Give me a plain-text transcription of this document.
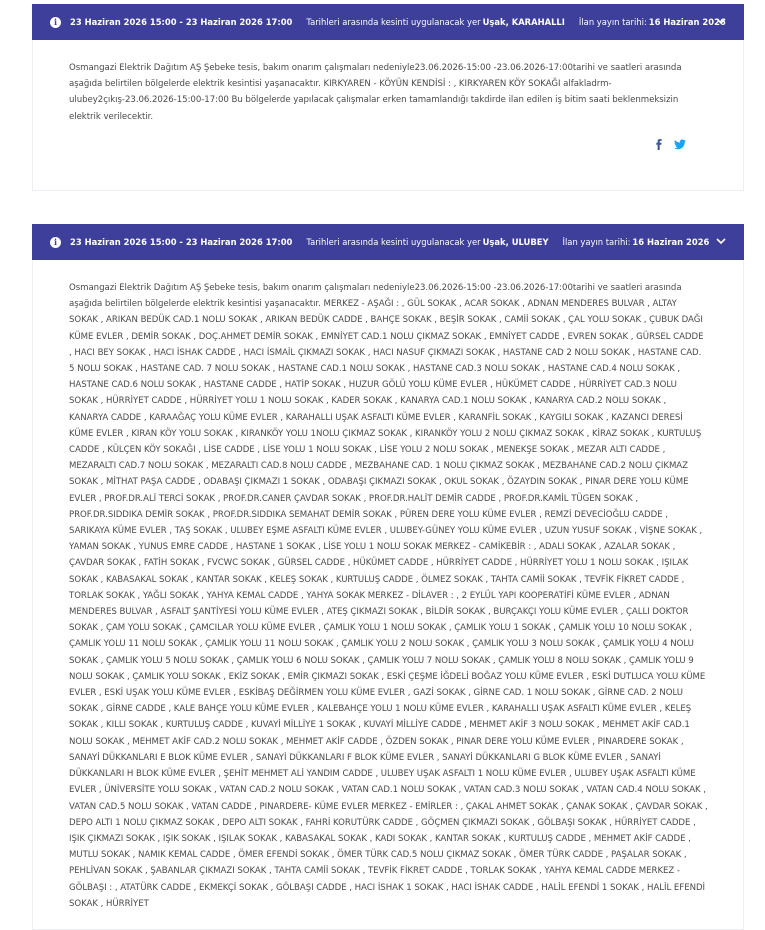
i	23 Haziran 2026 15:00 - 23 Haziran 2026 17:00 Tarihleri arasında kesinti uygulanacak yer Uşak, KARAHALLI İlan yayın tarihi: 16 Haziran 2026

Osmangazi Elektrik Dağıtım AŞ Şebeke tesis, bakım onarım çalışmaları nedeniyle23.06.2026-15:00 -23.06.2026-17:00tarihi ve saatleri arasında aşağıda belirtilen bölgelerde elektrik kesintisi yaşanacaktır. KIRKYAREN - KÖYÜN KENDİSİ : , KIRKYAREN KÖY SOKAĞI alfakladrm-ulubey2çıkış-23.06.2026-15:00-17:00 Bu bölgelerde yapılacak çalışmalar erken tamamlandığı takdirde ilan edilen iş bitim saati beklenmeksizin elektrik verilecektir.

i	23 Haziran 2026 15:00 - 23 Haziran 2026 17:00 Tarihleri arasında kesinti uygulanacak yer Uşak, ULUBEY İlan yayın tarihi: 16 Haziran 2026

Osmangazi Elektrik Dağıtım AŞ Şebeke tesis, bakım onarım çalışmaları nedeniyle23.06.2026-15:00 -23.06.2026-17:00tarihi ve saatleri arasında aşağıda belirtilen bölgelerde elektrik kesintisi yaşanacaktır. MERKEZ - AŞAĞI : , GÜL SOKAK , ACAR SOKAK , ADNAN MENDERES BULVAR , ALTAY SOKAK , ARIKAN BEDÜK CAD.1 NOLU SOKAK , ARIKAN BEDÜK CADDE , BAHÇE SOKAK , BEŞİR SOKAK , CAMİİ SOKAK , ÇAL YOLU SOKAK , ÇUBUK DAĞI KÜME EVLER , DEMİR SOKAK , DOÇ.AHMET DEMİR SOKAK , EMNİYET CAD.1 NOLU ÇIKMAZ SOKAK , EMNİYET CADDE , EVREN SOKAK , GÜRSEL CADDE , HACI BEY SOKAK , HACI İSHAK CADDE , HACI İSMAİL ÇIKMAZI SOKAK , HACI NASUF ÇIKMAZI SOKAK , HASTANE CAD 2 NOLU SOKAK , HASTANE CAD. 5 NOLU SOKAK , HASTANE CAD. 7 NOLU SOKAK , HASTANE CAD.1 NOLU SOKAK , HASTANE CAD.3 NOLU SOKAK , HASTANE CAD.4 NOLU SOKAK , HASTANE CAD.6 NOLU SOKAK , HASTANE CADDE , HATİP SOKAK , HUZUR GÖLÜ YOLU KÜME EVLER , HÜKÜMET CADDE , HÜRRİYET CAD.3 NOLU SOKAK , HÜRRİYET CADDE , HÜRRİYET YOLU 1 NOLU SOKAK , KADER SOKAK , KANARYA CAD.1 NOLU SOKAK , KANARYA CAD.2 NOLU SOKAK , KANARYA CADDE , KARAAĞAÇ YOLU KÜME EVLER , KARAHALLI UŞAK ASFALTI KÜME EVLER , KARANFİL SOKAK , KAYGILI SOKAK , KAZANCI DERESİ KÜME EVLER , KIRAN KÖY YOLU SOKAK , KIRANKÖY YOLU 1NOLU ÇIKMAZ SOKAK , KIRANKÖY YOLU 2 NOLU ÇIKMAZ SOKAK , KİRAZ SOKAK , KURTULUŞ CADDE , KÜLÇEN KÖY SOKAĞI , LİSE CADDE , LİSE YOLU 1 NOLU SOKAK , LİSE YOLU 2 NOLU SOKAK , MENEKŞE SOKAK , MEZAR ALTI CADDE , MEZARALTI CAD.7 NOLU SOKAK , MEZARALTI CAD.8 NOLU CADDE , MEZBAHANE CAD. 1 NOLU ÇIKMAZ SOKAK , MEZBAHANE CAD.2 NOLU ÇIKMAZ SOKAK , MİTHAT PAŞA CADDE , ODABAŞI ÇIKMAZI 1 SOKAK , ODABAŞI ÇIKMAZI SOKAK , OKUL SOKAK , ÖZAYDIN SOKAK , PINAR DERE YOLU KÜME EVLER , PROF.DR.ALİ TERCİ SOKAK , PROF.DR.CANER ÇAVDAR SOKAK , PROF.DR.HALİT DEMİR CADDE , PROF.DR.KAMİL TÜGEN SOKAK , PROF.DR.SIDDIKA DEMİR SOKAK , PROF.DR.SIDDIKA SEMAHAT DEMİR SOKAK , PÜREN DERE YOLU KÜME EVLER , REMZİ DEVECİOĞLU CADDE , SARIKAYA KÜME EVLER , TAŞ SOKAK , ULUBEY EŞME ASFALTI KÜME EVLER , ULUBEY-GÜNEY YOLU KÜME EVLER , UZUN YUSUF SOKAK , VİŞNE SOKAK , YAMAN SOKAK , YUNUS EMRE CADDE , HASTANE 1 SOKAK , LİSE YOLU 1 NOLU SOKAK MERKEZ - CAMİKEBİR : , ADALI SOKAK , AZALAR SOKAK , ÇAVDAR SOKAK , FATİH SOKAK , FVCWC SOKAK , GÜRSEL CADDE , HÜKÜMET CADDE , HÜRRİYET CADDE , HÜRRİYET YOLU 1 NOLU SOKAK , IŞILAK SOKAK , KABASAKAL SOKAK , KANTAR SOKAK , KELEŞ SOKAK , KURTULUŞ CADDE , ÖLMEZ SOKAK , TAHTA CAMİİ SOKAK , TEVFİK FİKRET CADDE , TORLAK SOKAK , YAĞLI SOKAK , YAHYA KEMAL CADDE , YAHYA SOKAK MERKEZ - DİLAVER : , 2 EYLÜL YAPI KOOPERATİFİ KÜME EVLER , ADNAN MENDERES BULVAR , ASFALT ŞANTİYESİ YOLU KÜME EVLER , ATEŞ ÇIKMAZI SOKAK , BİLDİR SOKAK , BURÇAKÇI YOLU KÜME EVLER , ÇALLI DOKTOR SOKAK , ÇAM YOLU SOKAK , ÇAMCILAR YOLU KÜME EVLER , ÇAMLIK YOLU 1 NOLU SOKAK , ÇAMLIK YOLU 1 SOKAK , ÇAMLIK YOLU 10 NOLU SOKAK , ÇAMLIK YOLU 11 NOLU SOKAK , ÇAMLIK YOLU 11 NOLU SOKAK , ÇAMLIK YOLU 2 NOLU SOKAK , ÇAMLIK YOLU 3 NOLU SOKAK , ÇAMLIK YOLU 4 NOLU SOKAK , ÇAMLIK YOLU 5 NOLU SOKAK , ÇAMLIK YOLU 6 NOLU SOKAK , ÇAMLIK YOLU 7 NOLU SOKAK , ÇAMLIK YOLU 8 NOLU SOKAK , ÇAMLIK YOLU 9 NOLU SOKAK , ÇAMLIK YOLU SOKAK , EKİZ SOKAK , EMİR ÇIKMAZI SOKAK , ESKİ ÇEŞME İĞDELİ BOĞAZ YOLU KÜME EVLER , ESKİ DUTLUCA YOLU KÜME EVLER , ESKİ UŞAK YOLU KÜME EVLER , ESKİBAŞ DEĞİRMEN YOLU KÜME EVLER , GAZİ SOKAK , GİRNE CAD. 1 NOLU SOKAK , GİRNE CAD. 2 NOLU SOKAK , GİRNE CADDE , KALE BAHÇE YOLU KÜME EVLER , KALEBAHÇE YOLU 1 NOLU KÜME EVLER , KARAHALLI UŞAK ASFALTI KÜME EVLER , KELEŞ SOKAK , KILLI SOKAK , KURTULUŞ CADDE , KUVAYİ MİLLİYE 1 SOKAK , KUVAYİ MİLLİYE CADDE , MEHMET AKİF 3 NOLU SOKAK , MEHMET AKİF CAD.1 NOLU SOKAK , MEHMET AKİF CAD.2 NOLU SOKAK , MEHMET AKİF CADDE , ÖZDEN SOKAK , PINAR DERE YOLU KÜME EVLER , PINARDERE SOKAK , SANAYİ DÜKKANLARI E BLOK KÜME EVLER , SANAYİ DÜKKANLARI F BLOK KÜME EVLER , SANAYİ DÜKKANLARI G BLOK KÜME EVLER , SANAYİ DÜKKANLARI H BLOK KÜME EVLER , ŞEHİT MEHMET ALİ YANDIM CADDE , ULUBEY UŞAK ASFALTI 1 NOLU KÜME EVLER , ULUBEY UŞAK ASFALTI KÜME EVLER , ÜNİVERSİTE YOLU SOKAK , VATAN CAD.2 NOLU SOKAK , VATAN CAD.1 NOLU SOKAK , VATAN CAD.3 NOLU SOKAK , VATAN CAD.4 NOLU SOKAK , VATAN CAD.5 NOLU SOKAK , VATAN CADDE , PINARDERE- KÜME EVLER MERKEZ - EMİRLER : , ÇAKAL AHMET SOKAK , ÇANAK SOKAK , ÇAVDAR SOKAK , DEPO ALTI 1 NOLU ÇIKMAZ SOKAK , DEPO ALTI SOKAK , FAHRİ KORUTÜRK CADDE , GÖÇMEN ÇIKMAZI SOKAK , GÖLBAŞI SOKAK , HÜRRİYET CADDE , IŞIK ÇIKMAZI SOKAK , IŞIK SOKAK , IŞILAK SOKAK , KABASAKAL SOKAK , KADI SOKAK , KANTAR SOKAK , KURTULUŞ CADDE , MEHMET AKİF CADDE , MUTLU SOKAK , NAMIK KEMAL CADDE , ÖMER EFENDİ SOKAK , ÖMER TÜRK CAD.5 NOLU ÇIKMAZ SOKAK , ÖMER TÜRK CADDE , PAŞALAR SOKAK , PEHLİVAN SOKAK , ŞABANLAR ÇIKMAZI SOKAK , TAHTA CAMİİ SOKAK , TEVFİK FİKRET CADDE , TORLAK SOKAK , YAHYA KEMAL CADDE MERKEZ - GÖLBAŞI : , ATATÜRK CADDE , EKMEKÇİ SOKAK , GÖLBAŞI CADDE , HACI İSHAK 1 SOKAK , HACI İSHAK CADDE , HALİL EFENDİ 1 SOKAK , HALİL EFENDİ SOKAK , HÜRRİYET
